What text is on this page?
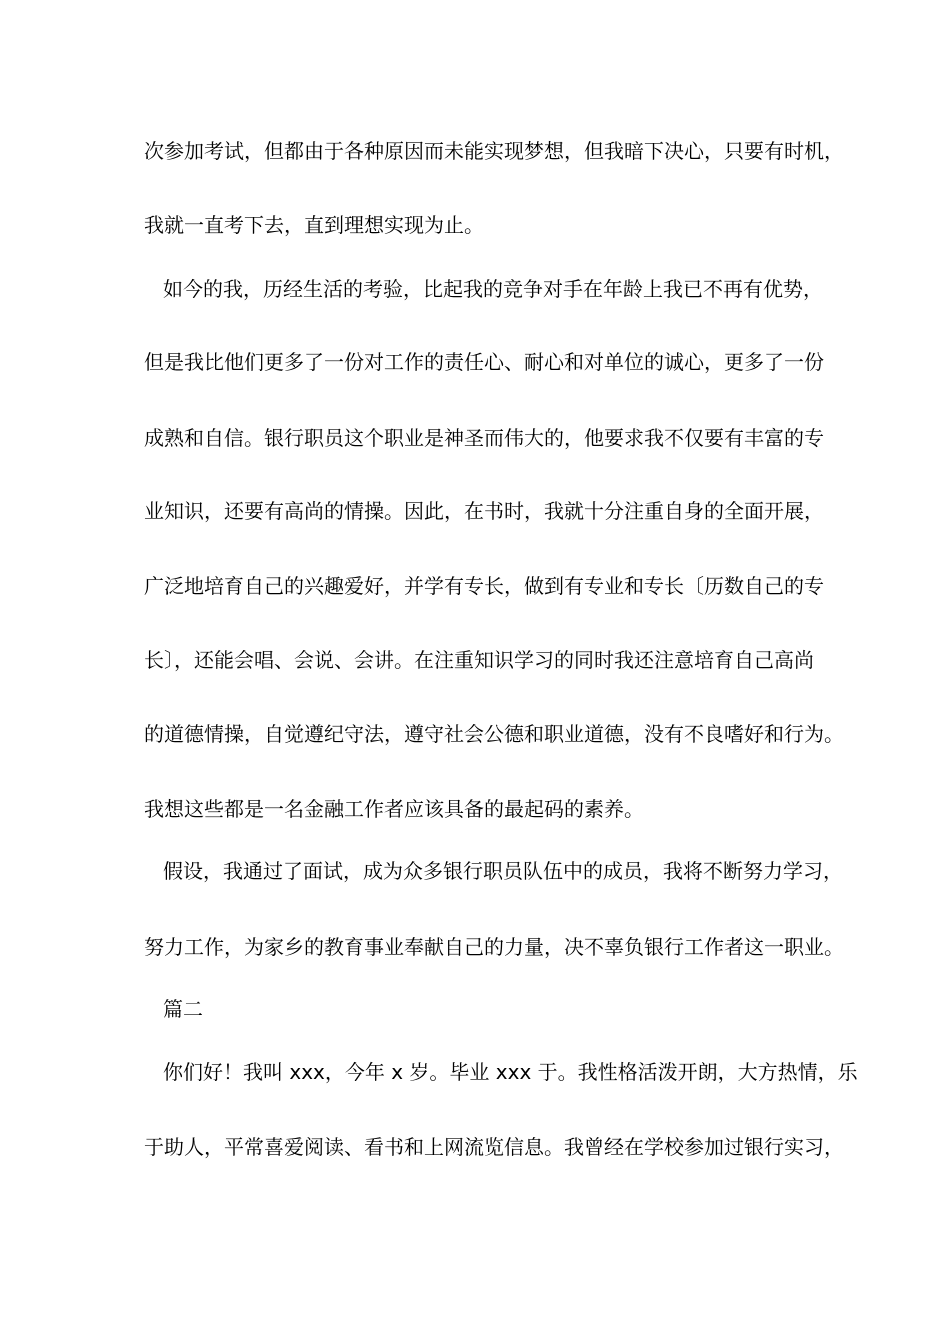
次参加考试，但都由于各种原因而未能实现梦想，但我暗下决心，只要有时机，
我就一直考下去，直到理想实现为止。
如今的我，历经生活的考验，比起我的竞争对手在年龄上我已不再有优势，
但是我比他们更多了一份对工作的责任心、耐心和对单位的诚心，更多了一份
成熟和自信。银行职员这个职业是神圣而伟大的，他要求我不仅要有丰富的专
业知识，还要有高尚的情操。因此，在书时，我就十分注重自身的全面开展，
广泛地培育自己的兴趣爱好，并学有专长，做到有专业和专长〔历数自己的专
长〕，还能会唱、会说、会讲。在注重知识学习的同时我还注意培育自己高尚
的道德情操，自觉遵纪守法，遵守社会公德和职业道德，没有不良嗜好和行为。
我想这些都是一名金融工作者应该具备的最起码的素养。
假设，我通过了面试，成为众多银行职员队伍中的成员，我将不断努力学习，
努力工作，为家乡的教育事业奉献自己的力量，决不辜负银行工作者这一职业。
篇二
你们好！我叫 xxx，今年 x 岁。毕业 xxx 于。我性格活泼开朗，大方热情，乐
于助人，平常喜爱阅读、看书和上网流览信息。我曾经在学校参加过银行实习，
